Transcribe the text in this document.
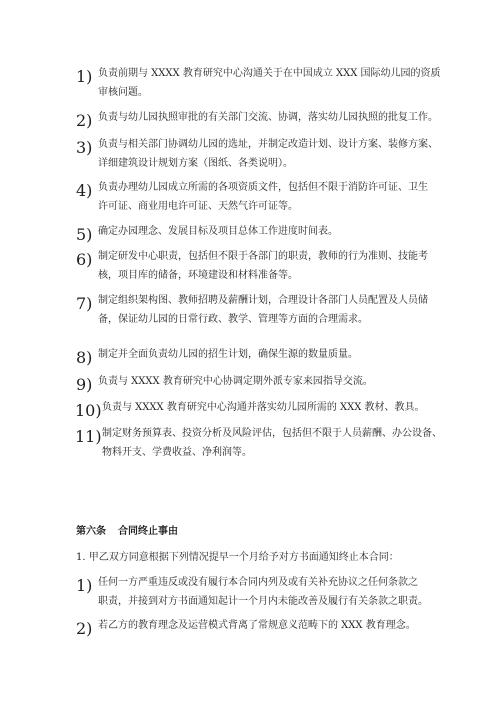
1) 负责前期与 XXXX 教育研究中心沟通关于在中国成立 XXX 国际幼儿园的资质
审核问题。
2) 负责与幼儿园执照审批的有关部门交流、协调，落实幼儿园执照的批复工作。
3) 负责与相关部门协调幼儿园的选址，并制定改造计划、设计方案、装修方案、
详细建筑设计规划方案（图纸、各类说明）。
4) 负责办理幼儿园成立所需的各项资质文件，包括但不限于消防许可证、卫生
许可证、商业用电许可证、天然气许可证等。
5) 确定办园理念、发展目标及项目总体工作进度时间表。
6) 制定研发中心职责，包括但不限于各部门的职责，教师的行为准则、技能考
核，项目库的储备，环境建设和材料准备等。
7) 制定组织架构图、教师招聘及薪酬计划，合理设计各部门人员配置及人员储
备，保证幼儿园的日常行政、教学、管理等方面的合理需求。
8) 制定并全面负责幼儿园的招生计划，确保生源的数量质量。
9) 负责与 XXXX 教育研究中心协调定期外派专家来园指导交流。
10) 负责与 XXXX 教育研究中心沟通并落实幼儿园所需的 XXX 教材、教具。
11) 制定财务预算表、投资分析及风险评估，包括但不限于人员薪酬、办公设备、
物料开支、学费收益、净利润等。
第六条 合同终止事由
1. 甲乙双方同意根据下列情况提早一个月给予对方书面通知终止本合同：
1) 任何一方严重违反或没有履行本合同内列及或有关补充协议之任何条款之
职责，并接到对方书面通知起计一个月内未能改善及履行有关条款之职责。
2) 若乙方的教育理念及运营模式背离了常规意义范畴下的 XXX 教育理念。
